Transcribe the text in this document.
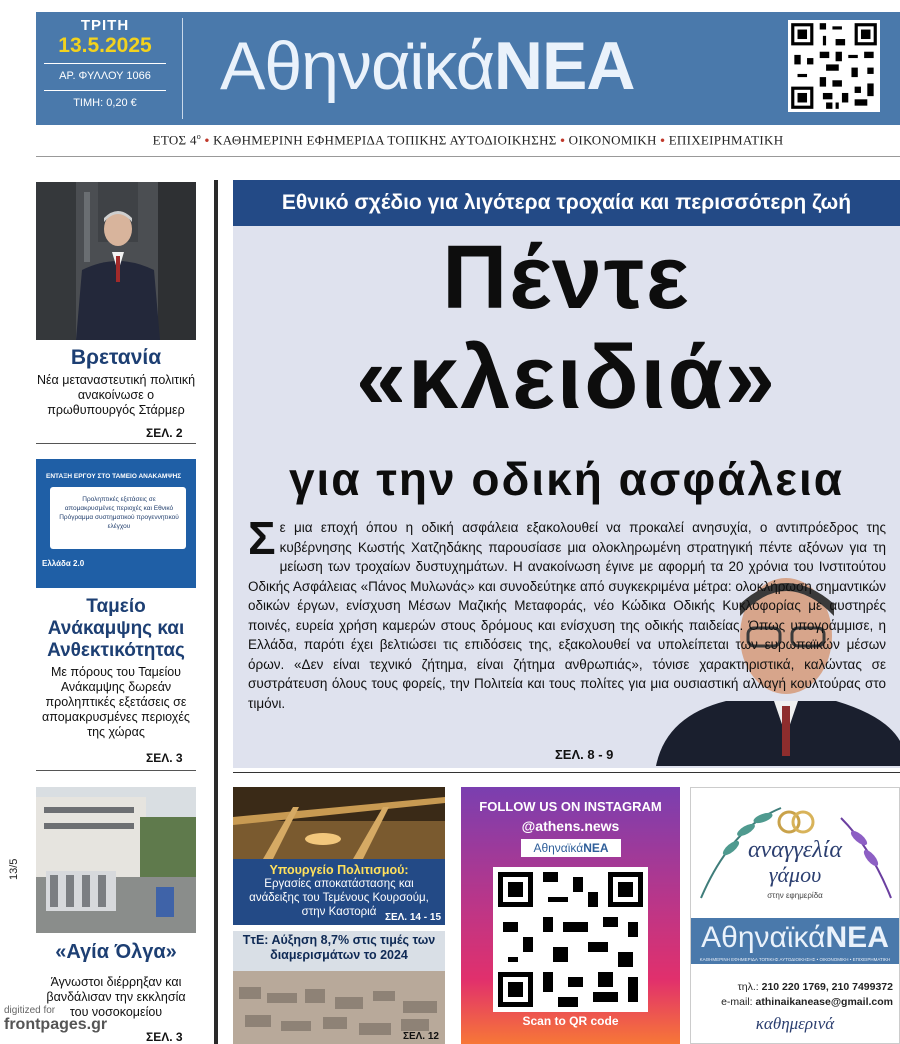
ΤΡΙΤΗ
13.5.2025
ΑΡ. ΦΥΛΛΟΥ 1066
ΤΙΜΗ: 0,20 €	ΑθηναϊκάΝΕΑ
ΕΤΟΣ $4^o$ • ΚΑΘΗΜΕΡΙΝΗ ΕΦΗΜΕΡΙΔΑ ΤΟΠΙΚΗΣ ΑΥΤΟΔΙΟΙΚΗΣΗΣ • ΟΙΚΟΝΟΜΙΚΗ • ΕΠΙΧΕΙΡΗΜΑΤΙΚΗ
Βρετανία
Νέα μεταναστευτική πολιτική ανακοίνωσε ο πρωθυπουργός Στάρμερ
ΣΕΛ. 2
ΕΝΤΑΞΗ ΕΡΓΟΥ ΣΤΟ ΤΑΜΕΙΟ ΑΝΑΚΑΜΨΗΣ
Προληπτικές εξετάσεις σε απομακρυσμένες περιοχές και Εθνικό Πρόγραμμα συστηματικού προγεννητικού ελέγχου
Ελλάδα 2.0
Ταμείο Ανάκαμψης και Ανθεκτικότητας
Με πόρους του Ταμείου Ανάκαμψης δωρεάν προληπτικές εξετάσεις σε απομακρυσμένες περιοχές της χώρας
ΣΕΛ. 3
13/5
«Αγία Όλγα»
Άγνωστοι διέρρηξαν και βανδάλισαν την εκκλησία του νοσοκομείου
ΣΕΛ. 3
Εθνικό σχέδιο για λιγότερα τροχαία και περισσότερη ζωή
Πέντε
«κλειδιά»
για την οδική ασφάλεια
Σ ε μια εποχή όπου η οδική ασφάλεια εξακολουθεί να προκαλεί ανησυχία, ο αντιπρόεδρος της κυβέρνησης Κωστής Χατζηδάκης παρουσίασε μια ολοκληρωμένη στρατηγική πέντε αξόνων για τη μείωση των τροχαίων δυστυχημάτων. Η ανακοίνωση έγινε με αφορμή τα 20 χρόνια του Ινστιτούτου Οδικής Ασφάλειας «Πάνος Μυλωνάς» και συνοδεύτηκε από συγκεκριμένα μέτρα: ολοκλήρωση σημαντικών οδικών έργων, ενίσχυση Μέσων Μαζικής Μεταφοράς, νέο Κώδικα Οδικής Κυκλοφορίας με αυστηρές ποινές, ευρεία χρήση καμερών στους δρόμους και ενίσχυση της οδικής παιδείας. Όπως υπογράμμισε, η Ελλάδα, παρότι έχει βελτιώσει τις επιδόσεις της, εξακολουθεί να υπολείπεται των ευρωπαϊκών μέσων όρων. «Δεν είναι τεχνικό ζήτημα, είναι ζήτημα ανθρωπιάς», τόνισε χαρακτηριστικά, καλώντας σε συστράτευση όλους τους φορείς, την Πολιτεία και τους πολίτες για μια ουσιαστική αλλαγή κουλτούρας στο τιμόνι.
ΣΕΛ. 8 - 9
Υπουργείο Πολιτισμού:
Εργασίες αποκατάστασης και ανάδειξης του Τεμένους Κουρσούμ, στην Καστοριά ΣΕΛ. 14 - 15
ΤτΕ: Αύξηση 8,7% στις τιμές των διαμερισμάτων το 2024
ΣΕΛ. 12
FOLLOW US ON INSTAGRAM
@athens.news
ΑθηναϊκάΝΕΑ
Scan to QR code
αναγγελία
γάμου
στην εφημερίδα
ΑθηναϊκάΝΕΑ
ΚΑΘΗΜΕΡΙΝΗ ΕΦΗΜΕΡΙΔΑ ΤΟΠΙΚΗΣ ΑΥΤΟΔΙΟΙΚΗΣΗΣ • ΟΙΚΟΝΟΜΙΚΗ • ΕΠΙΧΕΙΡΗΜΑΤΙΚΗ
τηλ.: 210 220 1769, 210 7499372
e-mail: athinaikanease@gmail.com
καθημερινά
digitized for
frontpages.gr
